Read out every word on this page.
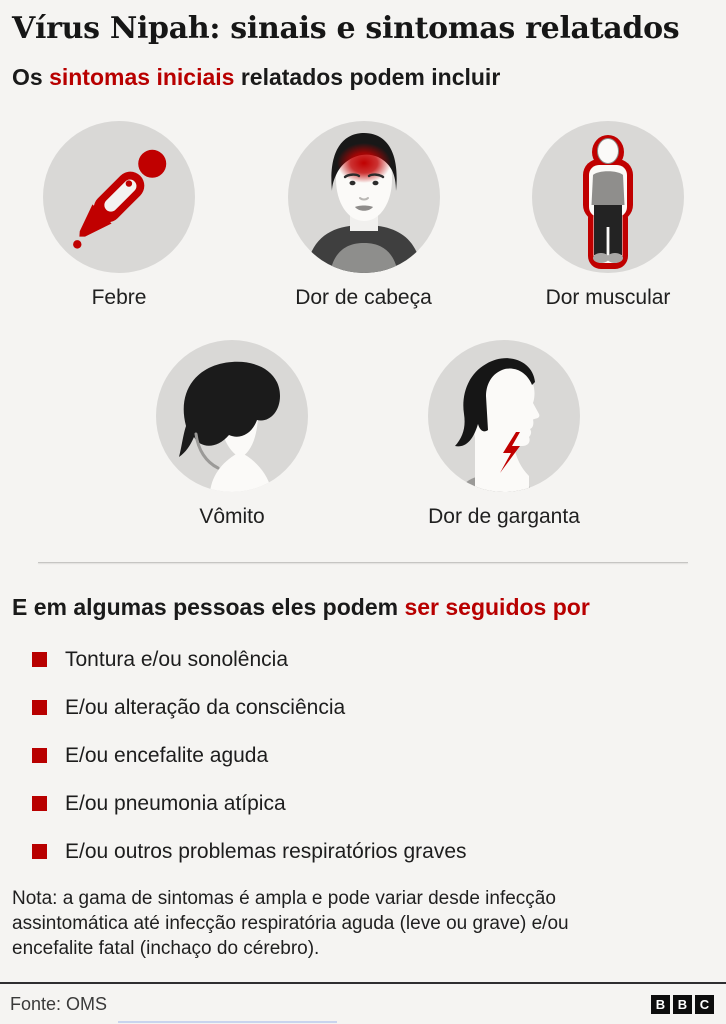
Vírus Nipah: sinais e sintomas relatados
Os sintomas iniciais relatados podem incluir
Febre	Dor de cabeça	Dor muscular
Vômito	Dor de garganta
E em algumas pessoas eles podem ser seguidos por
Tontura e/ou sonolência
E/ou alteração da consciência
E/ou encefalite aguda
E/ou pneumonia atípica
E/ou outros problemas respiratórios graves
Nota: a gama de sintomas é ampla e pode variar desde infecção assintomática até infecção respiratória aguda (leve ou grave) e/ou encefalite fatal (inchaço do cérebro).
Fonte: OMS	B B C
